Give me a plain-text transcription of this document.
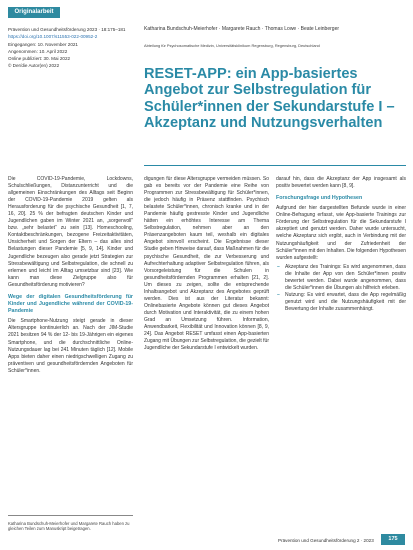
Originalarbeit
Prävention und Gesundheitsförderung 2023 · 18:175–181
https://doi.org/10.1007/s11553-022-00952-2
Eingegangen: 10. November 2021
Angenommen: 10. April 2022
Online publiziert: 30. Mai 2022
© Der/die Autor(en) 2022
Katharina Bundschuh-Meierhofer · Margarete Rauch · Thomas Lowe · Beate Leinberger
Abteilung für Psychosomatische Medizin, Universitätsklinikum Regensburg, Regensburg, Deutschland
RESET-APP: ein App-basiertes Angebot zur Selbstregulation für Schüler*innen der Sekundarstufe I – Akzeptanz und Nutzungsverhalten

Die COVID-19-Pandemie, Lockdowns, Schulschließungen, Distanzunterricht und die allgemeinen Einschränkungen des Alltags seit Beginn der COVID-19-Pandemie 2019 gelten als Herausforderung für die psychische Gesundheit [1, 7, 16, 20]. 25 % der befragten deutschen Kinder und Jugendlichen gaben im Winter 2021 an, „sorgenvoll“ bzw. „sehr belastet“ zu sein [13]. Homeschooling, Kontaktbeschränkungen, bezogene Freizeitaktivitäten, Unsicherheit und Sorgen der Eltern – das alles sind Belastungen dieser Pandemie [5, 9, 14]. Kinder und Jugendliche bezeugen also gerade jetzt Strategien zur Stressbewältigung und Selbstregulation, die schnell zu erlernen und leicht im Alltag umsetzbar sind [23]. Wie kann man diese Zielgruppe also für Gesundheitsförderung motivieren?

Wege der digitalen Gesundheitsförderung für Kinder und Jugendliche während der COVID-19-Pandemie

Die Smartphone-Nutzung steigt gerade in dieser Altersgruppe kontinuierlich an. Nach der JIM-Studie 2021 besitzen 94 % der 12- bis 19-Jährigen ein eigenes Smartphone, und die durchschnittliche Online-Nutzungsdauer lag bei 241 Minuten täglich [12]. Mobile Apps bieten daher einen niedrigschwelligen Zugang zu präventiven und gesundheitsfördernden Angeboten für Schüler*innen.

Katharina Bundschuh-Meierhofer und Margarete Rauch haben zu gleichen Teilen zum Manuskript beigetragen.

digungen für diese Altersgruppe vermeiden müssen. So gab es bereits vor der Pandemie eine Reihe von Programmen zur Stressbewältigung für Schüler*innen, die jedoch häufig in Präsenz stattfinden. Psychisch belastete Schüler*innen, chronisch kranke und in der Pandemie häufig gestresste Kinder und Jugendliche hätten ein erhöhtes Interesse am Thema Selbstregulation, nehmen aber an den Präsenzangeboten kaum teil, weshalb ein digitales Angebot sinnvoll erscheint. Die Ergebnisse dieser Studie geben Hinweise darauf, dass Maßnahmen für die psychische Gesundheit, die zur Verbesserung und Aufrechterhaltung adaptiver Selbstregulation führen, als Vorsorgeleistung für die Schulen in gesundheitsfördernden Programmen erhalten [21, 2]. Um dieses zu zeigen, sollte die entsprechende Inhaltsangebot und Akzeptanz des Angebotes geprüft werden. Dies ist aus der Literatur bekannt: Onlinebasierte Angebote können gut dieses Angebot durch Motivation und Interaktivität, die zu einem hohen Grad an Umsetzung führen. Information, Anwendbarkeit, Flexibilität und Innovation können [8, 9, 24]. Das Angebot RESET umfasst einen App-basierten Zugang mit Übungen zur Selbstregulation, die gezielt für Jugendliche der Sekundarstufe I entwickelt wurden.

darauf hin, dass die Akzeptanz der App insgesamt als positiv bewertet werden kann [8, 9].

Forschungsfrage und Hypothesen

Aufgrund der hier dargestellten Befunde wurde in einer Online-Befragung erfasst, wie App-basierte Trainings zur Förderung der Selbstregulation für die Sekundarstufe I akzeptiert und genutzt werden. Daher wurde untersucht, welche Akzeptanz sich ergibt, auch in Verbindung mit der Nutzungshäufigkeit und der Zufriedenheit der Schüler*innen mit den Inhalten. Die folgenden Hypothesen wurden aufgestellt:

– Akzeptanz des Trainings: Es wird angenommen, dass die Inhalte der App von den Schüler*innen positiv bewertet werden. Dabei wurde angenommen, dass die Schüler*innen die Übungen als hilfreich erleben.
– Nutzung: Es wird erwartet, dass die App regelmäßig genutzt wird und die Nutzungshäufigkeit mit der Bewertung der Inhalte zusammenhängt.
Prävention und Gesundheitsförderung 2 · 2023	175
